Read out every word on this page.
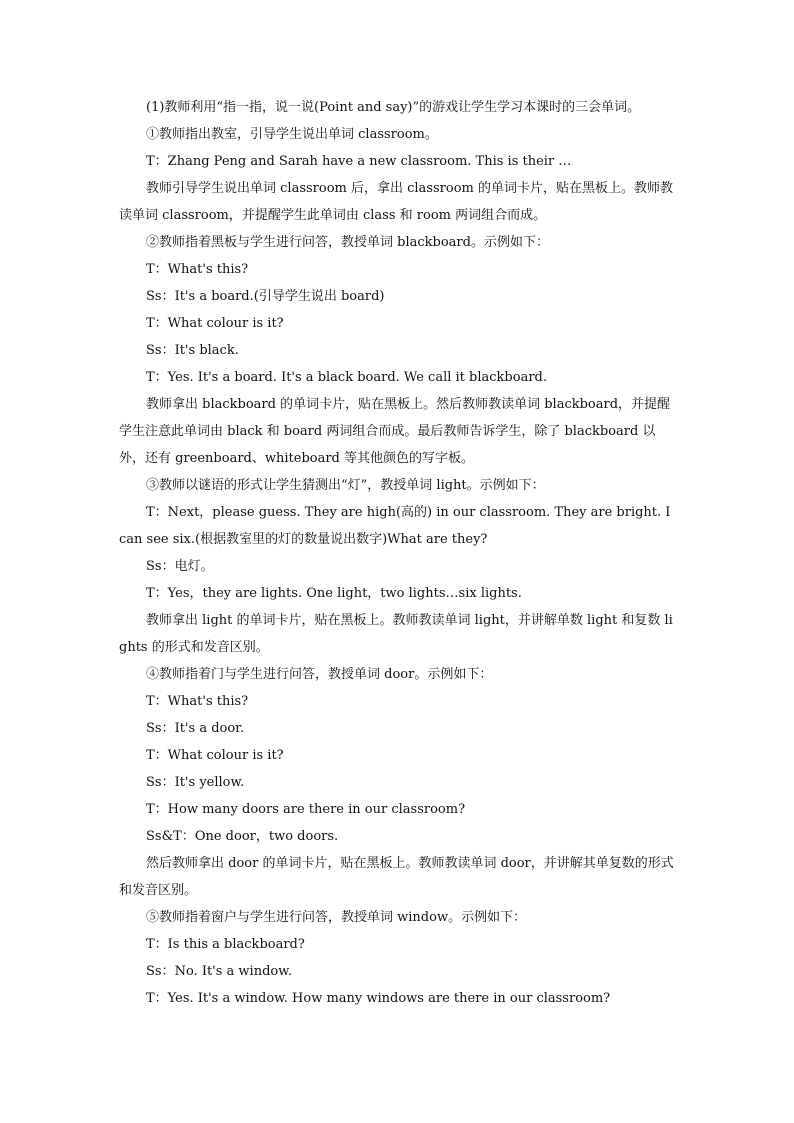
(1)教师利用“指一指，说一说(Point and say)”的游戏让学生学习本课时的三会单词。

①教师指出教室，引导学生说出单词 classroom。

T：Zhang Peng and Sarah have a new classroom. This is their …

教师引导学生说出单词 classroom 后，拿出 classroom 的单词卡片，贴在黑板上。教师教读单词 classroom，并提醒学生此单词由 class 和 room 两词组合而成。

②教师指着黑板与学生进行问答，教授单词 blackboard。示例如下：

T：What's this?

Ss：It's a board.(引导学生说出 board)

T：What colour is it?

Ss：It's black.

T：Yes. It's a board. It's a black board. We call it blackboard.

教师拿出 blackboard 的单词卡片，贴在黑板上。然后教师教读单词 blackboard，并提醒学生注意此单词由 black 和 board 两词组合而成。最后教师告诉学生，除了 blackboard 以外，还有 greenboard、whiteboard 等其他颜色的写字板。

③教师以谜语的形式让学生猜测出“灯”，教授单词 light。示例如下：

T：Next，please guess. They are high(高的) in our classroom. They are bright. I can see six.(根据教室里的灯的数量说出数字)What are they?

Ss：电灯。

T：Yes，they are lights. One light，two lights…six lights.

教师拿出 light 的单词卡片，贴在黑板上。教师教读单词 light，并讲解单数 light 和复数 lights 的形式和发音区别。

④教师指着门与学生进行问答，教授单词 door。示例如下：

T：What's this?

Ss：It's a door.

T：What colour is it?

Ss：It's yellow.

T：How many doors are there in our classroom?

Ss&T：One door，two doors.

然后教师拿出 door 的单词卡片，贴在黑板上。教师教读单词 door，并讲解其单复数的形式和发音区别。

⑤教师指着窗户与学生进行问答，教授单词 window。示例如下：

T：Is this a blackboard?

Ss：No. It's a window.

T：Yes. It's a window. How many windows are there in our classroom?
